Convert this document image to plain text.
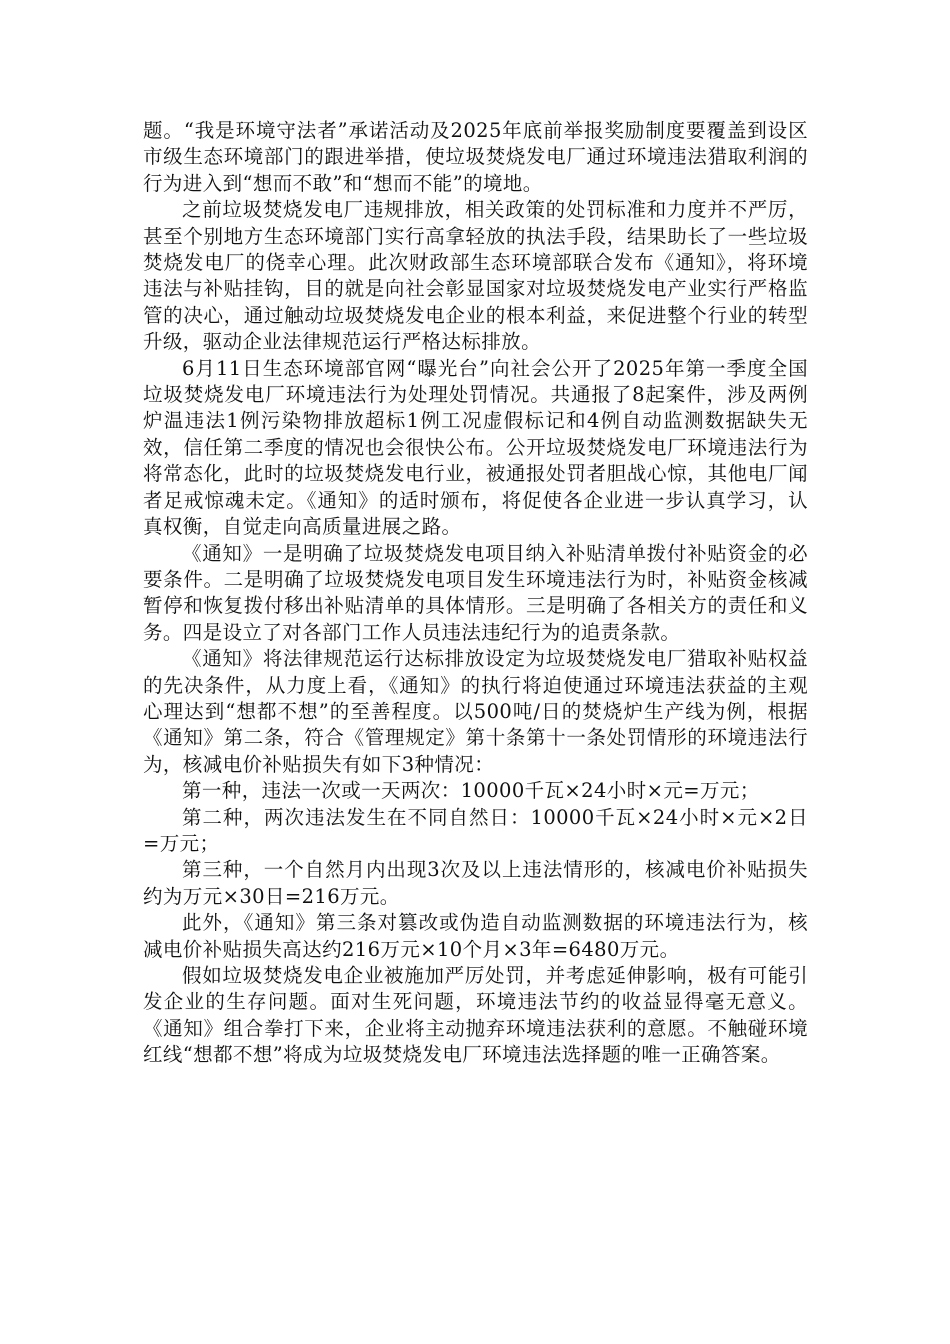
题。“我是环境守法者”承诺活动及2025年底前举报奖励制度要覆盖到设区市级生态环境部门的跟进举措，使垃圾焚烧发电厂通过环境违法猎取利润的行为进入到“想而不敢”和“想而不能”的境地。

之前垃圾焚烧发电厂违规排放，相关政策的处罚标准和力度并不严厉，甚至个别地方生态环境部门实行高拿轻放的执法手段，结果助长了一些垃圾焚烧发电厂的侥幸心理。此次财政部生态环境部联合发布《通知》，将环境违法与补贴挂钩，目的就是向社会彰显国家对垃圾焚烧发电产业实行严格监管的决心，通过触动垃圾焚烧发电企业的根本利益，来促进整个行业的转型升级，驱动企业法律规范运行严格达标排放。

6月11日生态环境部官网“曝光台”向社会公开了2025年第一季度全国垃圾焚烧发电厂环境违法行为处理处罚情况。共通报了8起案件，涉及两例炉温违法1例污染物排放超标1例工况虚假标记和4例自动监测数据缺失无效，信任第二季度的情况也会很快公布。公开垃圾焚烧发电厂环境违法行为将常态化，此时的垃圾焚烧发电行业，被通报处罚者胆战心惊，其他电厂闻者足戒惊魂未定。《通知》的适时颁布，将促使各企业进一步认真学习，认真权衡，自觉走向高质量进展之路。

《通知》一是明确了垃圾焚烧发电项目纳入补贴清单拨付补贴资金的必要条件。二是明确了垃圾焚烧发电项目发生环境违法行为时，补贴资金核减暂停和恢复拨付移出补贴清单的具体情形。三是明确了各相关方的责任和义务。四是设立了对各部门工作人员违法违纪行为的追责条款。

《通知》将法律规范运行达标排放设定为垃圾焚烧发电厂猎取补贴权益的先决条件，从力度上看，《通知》的执行将迫使通过环境违法获益的主观心理达到“想都不想”的至善程度。以500吨/日的焚烧炉生产线为例，根据《通知》第二条，符合《管理规定》第十条第十一条处罚情形的环境违法行为，核减电价补贴损失有如下3种情况：

第一种，违法一次或一天两次：10000千瓦×24小时×元=万元；

第二种，两次违法发生在不同自然日：10000千瓦×24小时×元×2日=万元；

第三种，一个自然月内出现3次及以上违法情形的，核减电价补贴损失约为万元×30日=216万元。

此外，《通知》第三条对篡改或伪造自动监测数据的环境违法行为，核减电价补贴损失高达约216万元×10个月×3年=6480万元。

假如垃圾焚烧发电企业被施加严厉处罚，并考虑延伸影响，极有可能引发企业的生存问题。面对生死问题，环境违法节约的收益显得毫无意义。《通知》组合拳打下来，企业将主动抛弃环境违法获利的意愿。不触碰环境红线“想都不想”将成为垃圾焚烧发电厂环境违法选择题的唯一正确答案。
